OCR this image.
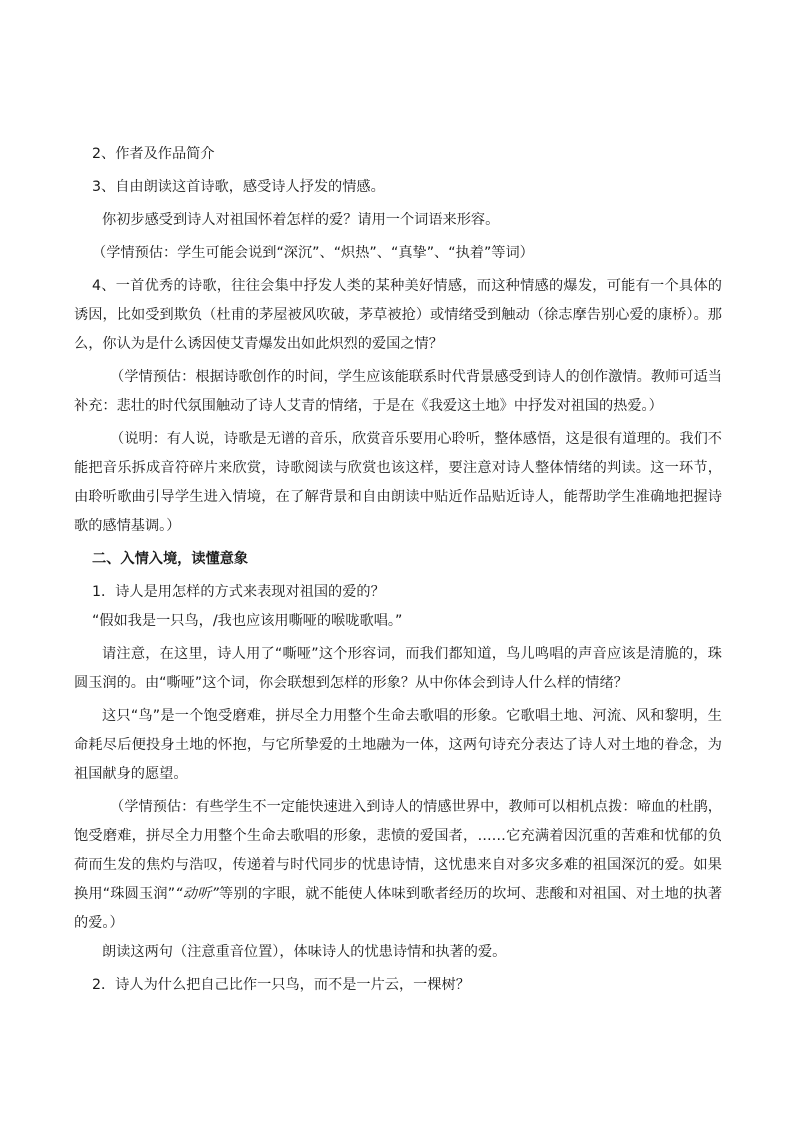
2、作者及作品简介

3、自由朗读这首诗歌，感受诗人抒发的情感。

你初步感受到诗人对祖国怀着怎样的爱？请用一个词语来形容。

（学情预估：学生可能会说到“深沉”、“炽热”、“真挚”、“执着”等词）

4、一首优秀的诗歌，往往会集中抒发人类的某种美好情感，而这种情感的爆发，可能有一个具体的诱因，比如受到欺负（杜甫的茅屋被风吹破，茅草被抢）或情绪受到触动（徐志摩告别心爱的康桥）。那么，你认为是什么诱因使艾青爆发出如此炽烈的爱国之情？

（学情预估：根据诗歌创作的时间，学生应该能联系时代背景感受到诗人的创作激情。教师可适当补充：悲壮的时代氛围触动了诗人艾青的情绪，于是在《我爱这土地》中抒发对祖国的热爱。）

（说明：有人说，诗歌是无谱的音乐，欣赏音乐要用心聆听，整体感悟，这是很有道理的。我们不能把音乐拆成音符碎片来欣赏，诗歌阅读与欣赏也该这样，要注意对诗人整体情绪的判读。这一环节，由聆听歌曲引导学生进入情境，在了解背景和自由朗读中贴近作品贴近诗人，能帮助学生准确地把握诗歌的感情基调。）

二、入情入境，读懂意象

1．诗人是用怎样的方式来表现对祖国的爱的？

“假如我是一只鸟，/我也应该用嘶哑的喉咙歌唱。”

请注意，在这里，诗人用了“嘶哑”这个形容词，而我们都知道，鸟儿鸣唱的声音应该是清脆的，珠圆玉润的。由“嘶哑”这个词，你会联想到怎样的形象？从中你体会到诗人什么样的情绪？

这只“鸟”是一个饱受磨难，拼尽全力用整个生命去歌唱的形象。它歌唱土地、河流、风和黎明，生命耗尽后便投身土地的怀抱，与它所挚爱的土地融为一体，这两句诗充分表达了诗人对土地的眷念，为祖国献身的愿望。

（学情预估：有些学生不一定能快速进入到诗人的情感世界中，教师可以相机点拨：啼血的杜鹃，饱受磨难，拼尽全力用整个生命去歌唱的形象，悲愤的爱国者，……它充满着因沉重的苦难和忧郁的负荷而生发的焦灼与浩叹，传递着与时代同步的忧患诗情，这忧患来自对多灾多难的祖国深沉的爱。如果换用“珠圆玉润”“动听”等别的字眼，就不能使人体味到歌者经历的坎坷、悲酸和对祖国、对土地的执著的爱。）

朗读这两句（注意重音位置），体味诗人的忧患诗情和执著的爱。

2．诗人为什么把自己比作一只鸟，而不是一片云，一棵树？
